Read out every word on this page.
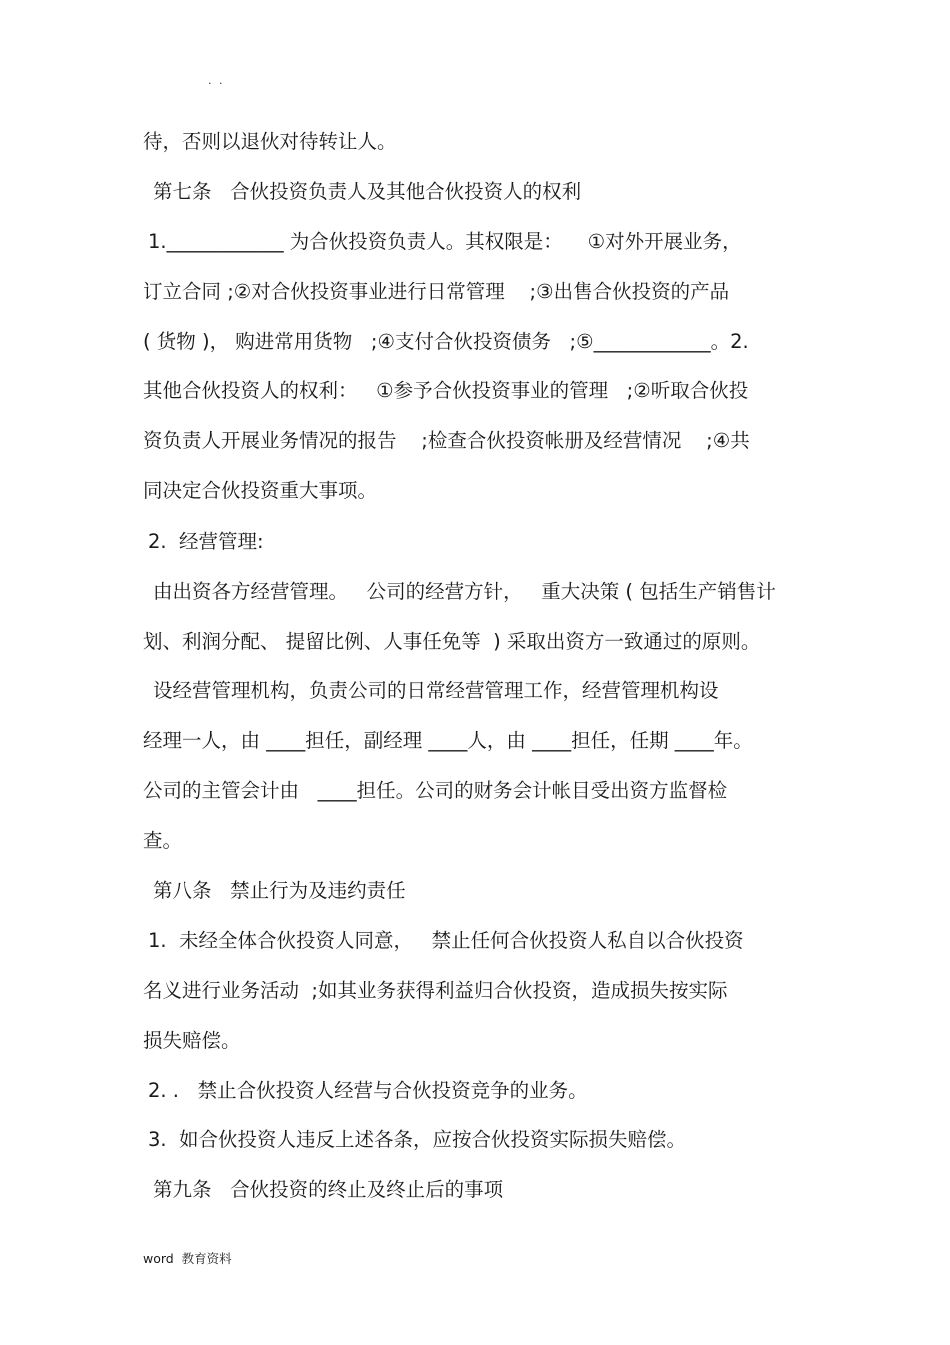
. .
待，否则以退伙对待转让人。
第七条   合伙投资负责人及其他合伙投资人的权利
1.____________ 为合伙投资负责人。其权限是：    ①对外开展业务，
订立合同 ;②对合伙投资事业进行日常管理    ;③出售合伙投资的产品
( 货物 )， 购进常用货物   ;④支付合伙投资债务   ;⑤____________。2.
其他合伙投资人的权利：   ①参予合伙投资事业的管理   ;②听取合伙投
资负责人开展业务情况的报告    ;检查合伙投资帐册及经营情况    ;④共
同决定合伙投资重大事项。
2.  经营管理:
由出资各方经营管理。   公司的经营方针，   重大决策 ( 包括生产销售计
划、利润分配、 提留比例、人事任免等  ) 采取出资方一致通过的原则。
设经营管理机构，负责公司的日常经营管理工作，经营管理机构设
经理一人，由 ____担任，副经理 ____人，由 ____担任，任期 ____年。
公司的主管会计由   ____担任。公司的财务会计帐目受出资方监督检
查。
第八条   禁止行为及违约责任
1.  未经全体合伙投资人同意，   禁止任何合伙投资人私自以合伙投资
名义进行业务活动  ;如其业务获得利益归合伙投资，造成损失按实际
损失赔偿。
2. .   禁止合伙投资人经营与合伙投资竞争的业务。
3.  如合伙投资人违反上述各条，应按合伙投资实际损失赔偿。
第九条   合伙投资的终止及终止后的事项
word  教育资料
